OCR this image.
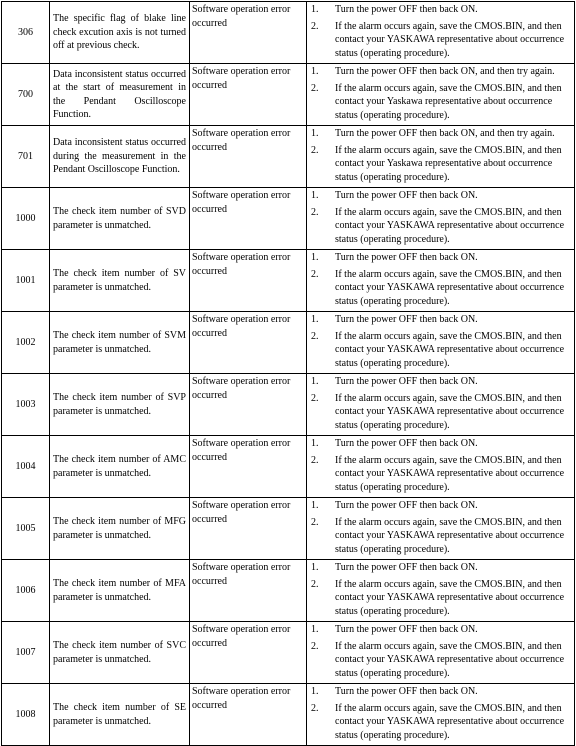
306	The specific flag of blake line check excution axis is not turned off at previous check.	Software operation error occurred	1. Turn the power OFF then back ON.
2. If the alarm occurs again, save the CMOS.BIN, and then contact your YASKAWA representative about occurrence status (operating procedure).

700	Data inconsistent status occurred at the start of measurement in the Pendant Oscilloscope Function.	Software operation error occurred	1. Turn the power OFF then back ON, and then try again.
2. If the alarm occurs again, save the CMOS.BIN, and then contact your Yaskawa representative about occurrence status (operating procedure).

701	Data inconsistent status occurred during the measurement in the Pendant Oscilloscope Function.	Software operation error occurred	1. Turn the power OFF then back ON, and then try again.
2. If the alarm occurs again, save the CMOS.BIN, and then contact your Yaskawa representative about occurrence status (operating procedure).

1000	The check item number of SVD parameter is unmatched.	Software operation error occurred	1. Turn the power OFF then back ON.
2. If the alarm occurs again, save the CMOS.BIN, and then contact your YASKAWA representative about occurrence status (operating procedure).

1001	The check item number of SV parameter is unmatched.	Software operation error occurred	1. Turn the power OFF then back ON.
2. If the alarm occurs again, save the CMOS.BIN, and then contact your YASKAWA representative about occurrence status (operating procedure).

1002	The check item number of SVM parameter is unmatched.	Software operation error occurred	1. Turn the power OFF then back ON.
2. If the alarm occurs again, save the CMOS.BIN, and then contact your YASKAWA representative about occurrence status (operating procedure).

1003	The check item number of SVP parameter is unmatched.	Software operation error occurred	1. Turn the power OFF then back ON.
2. If the alarm occurs again, save the CMOS.BIN, and then contact your YASKAWA representative about occurrence status (operating procedure).

1004	The check item number of AMC parameter is unmatched.	Software operation error occurred	1. Turn the power OFF then back ON.
2. If the alarm occurs again, save the CMOS.BIN, and then contact your YASKAWA representative about occurrence status (operating procedure).

1005	The check item number of MFG parameter is unmatched.	Software operation error occurred	1. Turn the power OFF then back ON.
2. If the alarm occurs again, save the CMOS.BIN, and then contact your YASKAWA representative about occurrence status (operating procedure).

1006	The check item number of MFA parameter is unmatched.	Software operation error occurred	1. Turn the power OFF then back ON.
2. If the alarm occurs again, save the CMOS.BIN, and then contact your YASKAWA representative about occurrence status (operating procedure).

1007	The check item number of SVC parameter is unmatched.	Software operation error occurred	1. Turn the power OFF then back ON.
2. If the alarm occurs again, save the CMOS.BIN, and then contact your YASKAWA representative about occurrence status (operating procedure).

1008	The check item number of SE parameter is unmatched.	Software operation error occurred	1. Turn the power OFF then back ON.
2. If the alarm occurs again, save the CMOS.BIN, and then contact your YASKAWA representative about occurrence status (operating procedure).
